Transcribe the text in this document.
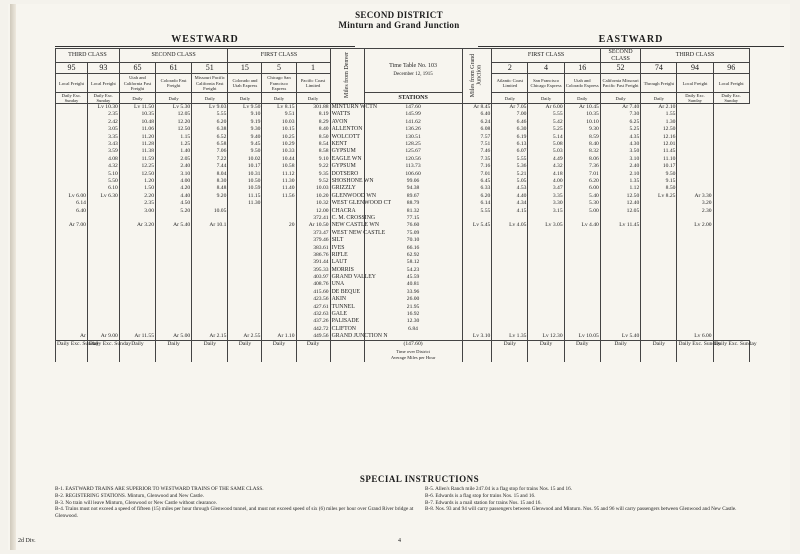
SECOND DISTRICT
Minturn and Grand Junction
WESTWARD	EASTWARD
THIRD CLASS		SECOND CLASS			FIRST CLASS			Miles from Denver	Time Table No. 103
December 12, 1915	Miles from Grand Junction	FIRST CLASS			SECOND CLASS	THIRD CLASS		
95	93	65	61	51	15	5	1				2	4	16	52	74	94	96
Local Freight	Local Freight	Utah and California Fast Freight	Colorado Fast Freight	Missouri Pacific California Fast Freight	Colorado and Utah Express	Chicago San Francisco Express	Pacific Coast Limited				Atlantic Coast Limited	San Francisco Chicago Express	Utah and Colorado Express	California Missouri Pacific Fast Freight	Through Freight	Local Freight	Local Freight
Daily Exc. Sunday	Daily Exc. Sunday	Daily	Daily	Daily	Daily	Daily	Daily		STATIONS		Daily	Daily	Daily	Daily	Daily	Daily Exc. Sunday	Daily Exc. Sunday
	Lv 10.30	Lv 11.50	Lv 5.30	Lv 9.03	Lv 9.50	Lv 8.15	301.88	MINTURN WCTN	147.60	Ar 8.45	Ar 7.05	Ar 6.00	Ar 10.45	Ar 7.40	Ar 2.10		
	2.35	10.35	12.05	5.55	9.10	9.51	8.19	WATTS	145.99	6.40	7.00	5.55	10.35	7.30	1.55		
	2.42	10.48	12.20	6.20	9.19	10.03	8.29	AVON	141.62	6.24	6.46	5.42	10.10	6.25	1.30		
	3.05	11.06	12.50	6.38	9.30	10.15	8.40	ALLENTON	136.26	6.08	6.30	5.25	9.30	5.25	12.50		
	3.35	11.20	1.15	6.52	9.40	10.25	8.50	WOLCOTT	130.51	7.57	6.19	5.14	8.59	4.35	12.16		
	3.43	11.28	1.25	6.58	9.45	10.29	8.54	KENT	128.25	7.51	6.13	5.08	8.40	4.30	12.01		
	3.59	11.38	1.40	7.06	9.50	10.33	8.58	GYPSUM	125.67	7.46	6.07	5.03	8.32	3.50	11.45		
	4.08	11.59	2.05	7.22	10.02	10.44	9.10	EAGLE WN	120.56	7.35	5.55	4.49	8.06	3.10	11.10		
	4.32	12.25	2.40	7.44	10.17	10.58	9.22	GYPSUM	113.73	7.16	5.36	4.32	7.36	2.40	10.17		
	5.10	12.50	3.10	8.04	10.31	11.12	9.35	DOTSERO	106.60	7.01	5.21	4.18	7.01	2.10	9.50		
	5.50	1.20	4.00	8.30	10.50	11.30	9.52	SHOSHONE WN	99.06	6.45	5.05	4.00	6.20	1.35	9.15		
	6.10	1.50	4.20	8.48	10.59	11.40	10.03	GRIZZLY	94.38	6.33	4.53	3.47	6.00	1.12	8.50		
Lv 6.00	Lv 6.30	2.20	4.40	9.20	11.15	11.56	10.20	GLENWOOD WN	89.67	6.20	4.40	3.35	5.40	12.50	Lv 8.25	Ar 3.30	
6.14		2.35	4.50		11.30		10.32	WEST GLENWOOD CT	88.79	6.14	4.34	3.30	5.30	12.40		3.20	
6.40		3.00	5.20	10.05			12.00	CHACRA	81.32	5.55	4.15	3.15	5.00	12.05		2.30	
							372.41	C. M. CROSSING	77.15								
Ar 7.00		Ar 3.20	Ar 5.40	Ar 10.1		20	Ar 10.50	NEW CASTLE WN	76.60	Lv 5.45	Lv 4.05	Lv 3.05	Lv 4.40	Lv 11.45		Lv 2.00	
							373.47	WEST NEW CASTLE	75.09								
							379.46	SILT	70.10								
							383.61	IVES	66.16								
							386.76	RIFLE	62.92								
							391.44	LAUT	58.12								
							395.33	MORRIS	54.23								
							403.97	GRAND VALLEY	45.59								
							408.76	UNA	40.81								
							415.60	DE BEQUE	33.96								
							423.56	AKIN	26.00								
							427.61	TUNNEL	21.95								
							432.63	GALE	16.92								
							437.26	PALISADE	12.30								
							442.72	CLIFTON	6.84								
Ar	Ar 9.00	Ar 11.55	Ar 5.00	Ar 2.15	Ar 2.55	Ar 1.10	449.56	GRAND JUNCTION N		Lv 3.10	Lv 1.35	Lv 12.30	Lv 10.05	Lv 5.40		Lv 6.00	
Daily Exc. Sunday	Daily Exc. Sunday	Daily	Daily	Daily	Daily	Daily	Daily		(147.60)		Daily	Daily	Daily	Daily	Daily	Daily Exc. Sunday	Daily Exc. Sunday

									Time over District
Average Miles per Hour								

SPECIAL INSTRUCTIONS
B-1. EASTWARD TRAINS ARE SUPERIOR TO WESTWARD TRAINS OF THE SAME CLASS.
B-2. REGISTERING STATIONS. Minturn, Glenwood and New Castle.
B-3. No train will leave Minturn, Glenwood or New Castle without clearance.
B-4. Trains must not exceed a speed of fifteen (15) miles per hour through Glenwood tunnel, and must not exceed speed of six (6) miles per hour over Grand River bridge at Glenwood.
B-5. Allen's Ranch mile 247.04 is a flag stop for trains Nos. 15 and 16.
B-6. Edwards is a flag stop for trains Nos. 15 and 16.
B-7. Edwards is a mail station for trains Nos. 15 and 16.
B-8. Nos. 93 and 94 will carry passengers between Glenwood and Minturn. Nos. 95 and 96 will carry passengers between Glenwood and New Castle.
2d Div.	4
